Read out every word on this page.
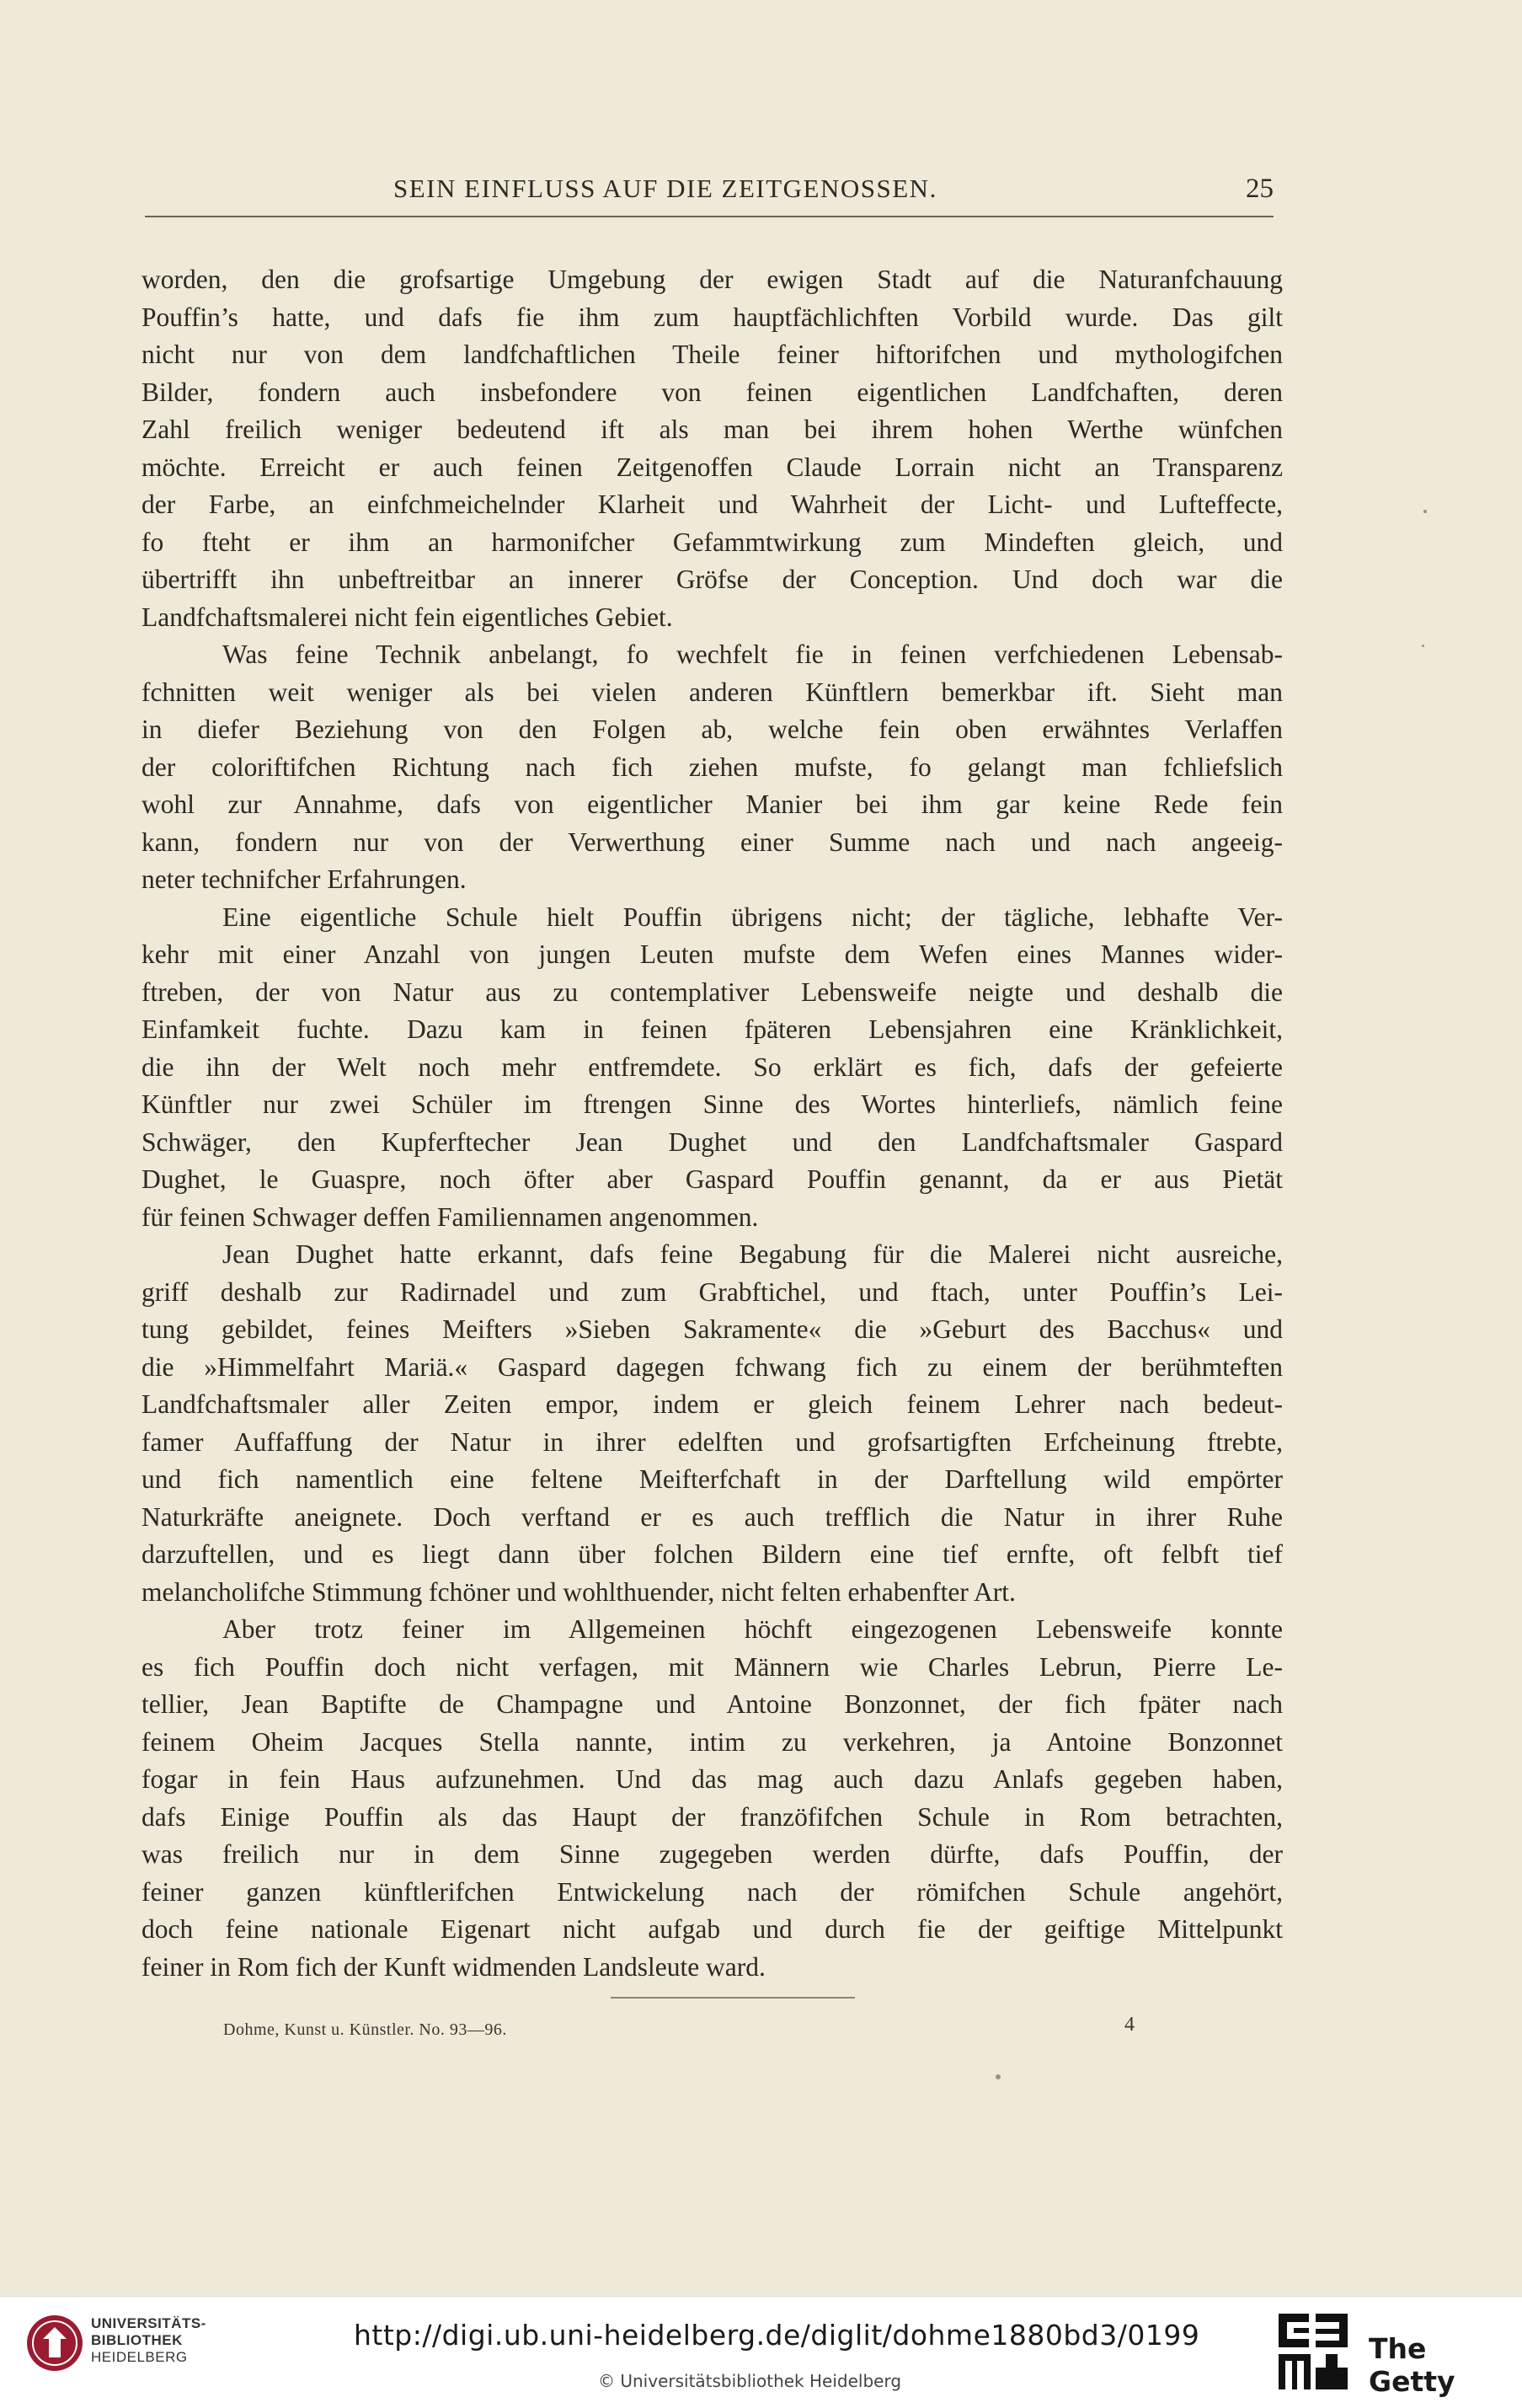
SEIN EINFLUSS AUF DIE ZEITGENOSSEN.	25

worden, den die grofsartige Umgebung der ewigen Stadt auf die Naturanfchauung

Pouffin’s hatte, und dafs fie ihm zum hauptfächlichften Vorbild wurde. Das gilt

nicht nur von dem landfchaftlichen Theile feiner hiftorifchen und mythologifchen

Bilder, fondern auch insbefondere von feinen eigentlichen Landfchaften, deren

Zahl freilich weniger bedeutend ift als man bei ihrem hohen Werthe wünfchen

möchte. Erreicht er auch feinen Zeitgenoffen Claude Lorrain nicht an Transparenz

der Farbe, an einfchmeichelnder Klarheit und Wahrheit der Licht- und Lufteffecte,

fo fteht er ihm an harmonifcher Gefammtwirkung zum Mindeften gleich, und

übertrifft ihn unbeftreitbar an innerer Gröfse der Conception. Und doch war die

Landfchaftsmalerei nicht fein eigentliches Gebiet.

Was feine Technik anbelangt, fo wechfelt fie in feinen verfchiedenen Lebensab-

fchnitten weit weniger als bei vielen anderen Künftlern bemerkbar ift. Sieht man

in diefer Beziehung von den Folgen ab, welche fein oben erwähntes Verlaffen

der coloriftifchen Richtung nach fich ziehen mufste, fo gelangt man fchliefslich

wohl zur Annahme, dafs von eigentlicher Manier bei ihm gar keine Rede fein

kann, fondern nur von der Verwerthung einer Summe nach und nach angeeig-

neter technifcher Erfahrungen.

Eine eigentliche Schule hielt Pouffin übrigens nicht; der tägliche, lebhafte Ver-

kehr mit einer Anzahl von jungen Leuten mufste dem Wefen eines Mannes wider-

ftreben, der von Natur aus zu contemplativer Lebensweife neigte und deshalb die

Einfamkeit fuchte. Dazu kam in feinen fpäteren Lebensjahren eine Kränklichkeit,

die ihn der Welt noch mehr entfremdete. So erklärt es fich, dafs der gefeierte

Künftler nur zwei Schüler im ftrengen Sinne des Wortes hinterliefs, nämlich feine

Schwäger, den Kupferftecher Jean Dughet und den Landfchaftsmaler Gaspard

Dughet, le Guaspre, noch öfter aber Gaspard Pouffin genannt, da er aus Pietät

für feinen Schwager deffen Familiennamen angenommen.

Jean Dughet hatte erkannt, dafs feine Begabung für die Malerei nicht ausreiche,

griff deshalb zur Radirnadel und zum Grabftichel, und ftach, unter Pouffin’s Lei-

tung gebildet, feines Meifters »Sieben Sakramente« die »Geburt des Bacchus« und

die »Himmelfahrt Mariä.« Gaspard dagegen fchwang fich zu einem der berühmteften

Landfchaftsmaler aller Zeiten empor, indem er gleich feinem Lehrer nach bedeut-

famer Auffaffung der Natur in ihrer edelften und grofsartigften Erfcheinung ftrebte,

und fich namentlich eine feltene Meifterfchaft in der Darftellung wild empörter

Naturkräfte aneignete. Doch verftand er es auch trefflich die Natur in ihrer Ruhe

darzuftellen, und es liegt dann über folchen Bildern eine tief ernfte, oft felbft tief

melancholifche Stimmung fchöner und wohlthuender, nicht felten erhabenfter Art.

Aber trotz feiner im Allgemeinen höchft eingezogenen Lebensweife konnte

es fich Pouffin doch nicht verfagen, mit Männern wie Charles Lebrun, Pierre Le-

tellier, Jean Baptifte de Champagne und Antoine Bonzonnet, der fich fpäter nach

feinem Oheim Jacques Stella nannte, intim zu verkehren, ja Antoine Bonzonnet

fogar in fein Haus aufzunehmen. Und das mag auch dazu Anlafs gegeben haben,

dafs Einige Pouffin als das Haupt der franzöfifchen Schule in Rom betrachten,

was freilich nur in dem Sinne zugegeben werden dürfte, dafs Pouffin, der

feiner ganzen künftlerifchen Entwickelung nach der römifchen Schule angehört,

doch feine nationale Eigenart nicht aufgab und durch fie der geiftige Mittelpunkt

feiner in Rom fich der Kunft widmenden Landsleute ward.

Dohme, Kunst u. Künstler. No. 93—96.	4
UNIVERSITÄTS-
BIBLIOTHEK
HEIDELBERG
http://digi.ub.uni-heidelberg.de/diglit/dohme1880bd3/0199
© Universitätsbibliothek Heidelberg
The Getty
